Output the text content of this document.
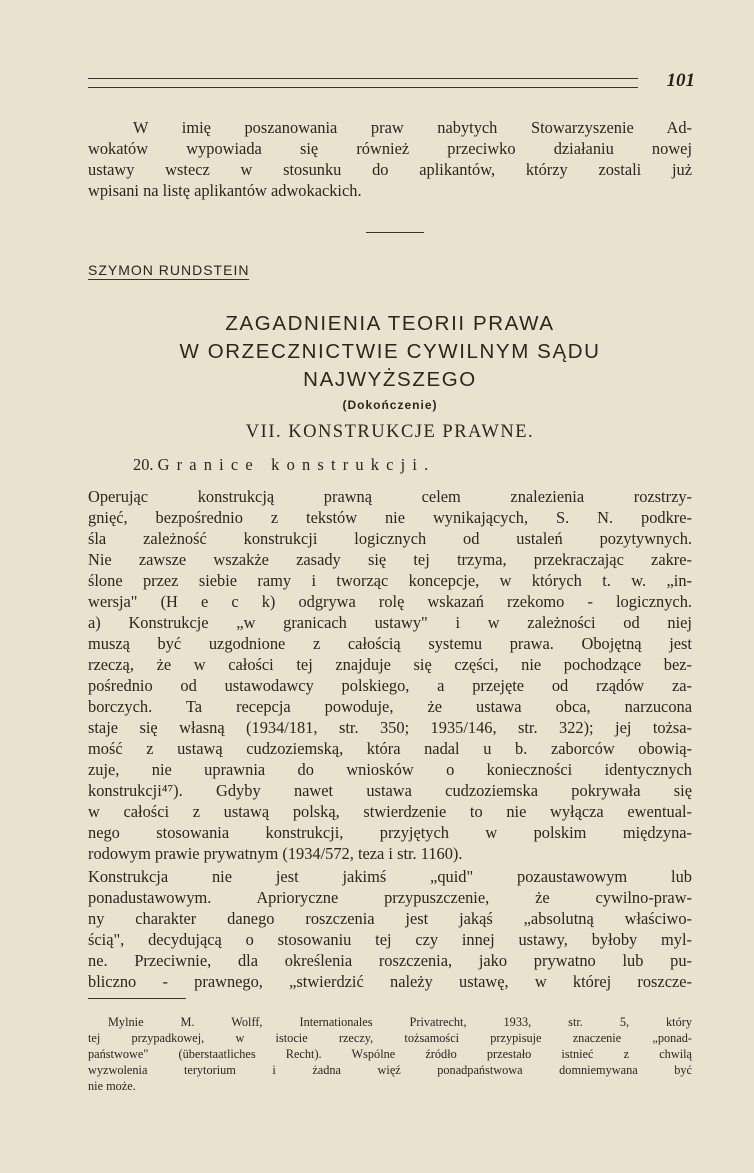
101

W imię poszanowania praw nabytych Stowarzyszenie Ad-
wokatów wypowiada się również przeciwko działaniu nowej
ustawy wstecz w stosunku do aplikantów, którzy zostali już
wpisani na listę aplikantów adwokackich.

SZYMON RUNDSTEIN
ZAGADNIENIA TEORII PRAWA
W ORZECZNICTWIE CYWILNYM SĄDU
NAJWYŻSZEGO
(Dokończenie)
VII. KONSTRUKCJE PRAWNE.
20. Granice konstrukcji.

Operując konstrukcją prawną celem znalezienia rozstrzy-
gnięć, bezpośrednio z tekstów nie wynikających, S. N. podkre-
śla zależność konstrukcji logicznych od ustaleń pozytywnych.
Nie zawsze wszakże zasady się tej trzyma, przekraczając zakre-
ślone przez siebie ramy i tworząc koncepcje, w których t. w. „in-
wersja" (H e c k) odgrywa rolę wskazań rzekomo - logicznych.
a) Konstrukcje „w granicach ustawy" i w zależności od niej
muszą być uzgodnione z całością systemu prawa. Obojętną jest
rzeczą, że w całości tej znajduje się części, nie pochodzące bez-
pośrednio od ustawodawcy polskiego, a przejęte od rządów za-
borczych. Ta recepcja powoduje, że ustawa obca, narzucona
staje się własną (1934/181, str. 350; 1935/146, str. 322); jej tożsa-
mość z ustawą cudzoziemską, która nadal u b. zaborców obowią-
zuje, nie uprawnia do wniosków o konieczności identycznych
konstrukcji⁴⁷). Gdyby nawet ustawa cudzoziemska pokrywała się
w całości z ustawą polską, stwierdzenie to nie wyłącza ewentual-
nego stosowania konstrukcji, przyjętych w polskim międzyna-
rodowym prawie prywatnym (1934/572, teza i str. 1160).

Konstrukcja nie jest jakimś „quid" pozaustawowym lub
ponadustawowym. Aprioryczne przypuszczenie, że cywilno-praw-
ny charakter danego roszczenia jest jakąś „absolutną właściwo-
ścią", decydującą o stosowaniu tej czy innej ustawy, byłoby myl-
ne. Przeciwnie, dla określenia roszczenia, jako prywatno lub pu-
bliczno - prawnego, „stwierdzić należy ustawę, w której roszcze-

Mylnie M. Wolff, Internationales Privatrecht, 1933, str. 5, który
tej przypadkowej, w istocie rzeczy, tożsamości przypisuje znaczenie „ponad-
państwowe" (überstaatliches Recht). Wspólne źródło przestało istnieć z chwilą
wyzwolenia terytorium i żadna więź ponadpaństwowa domniemywana być
nie może.
